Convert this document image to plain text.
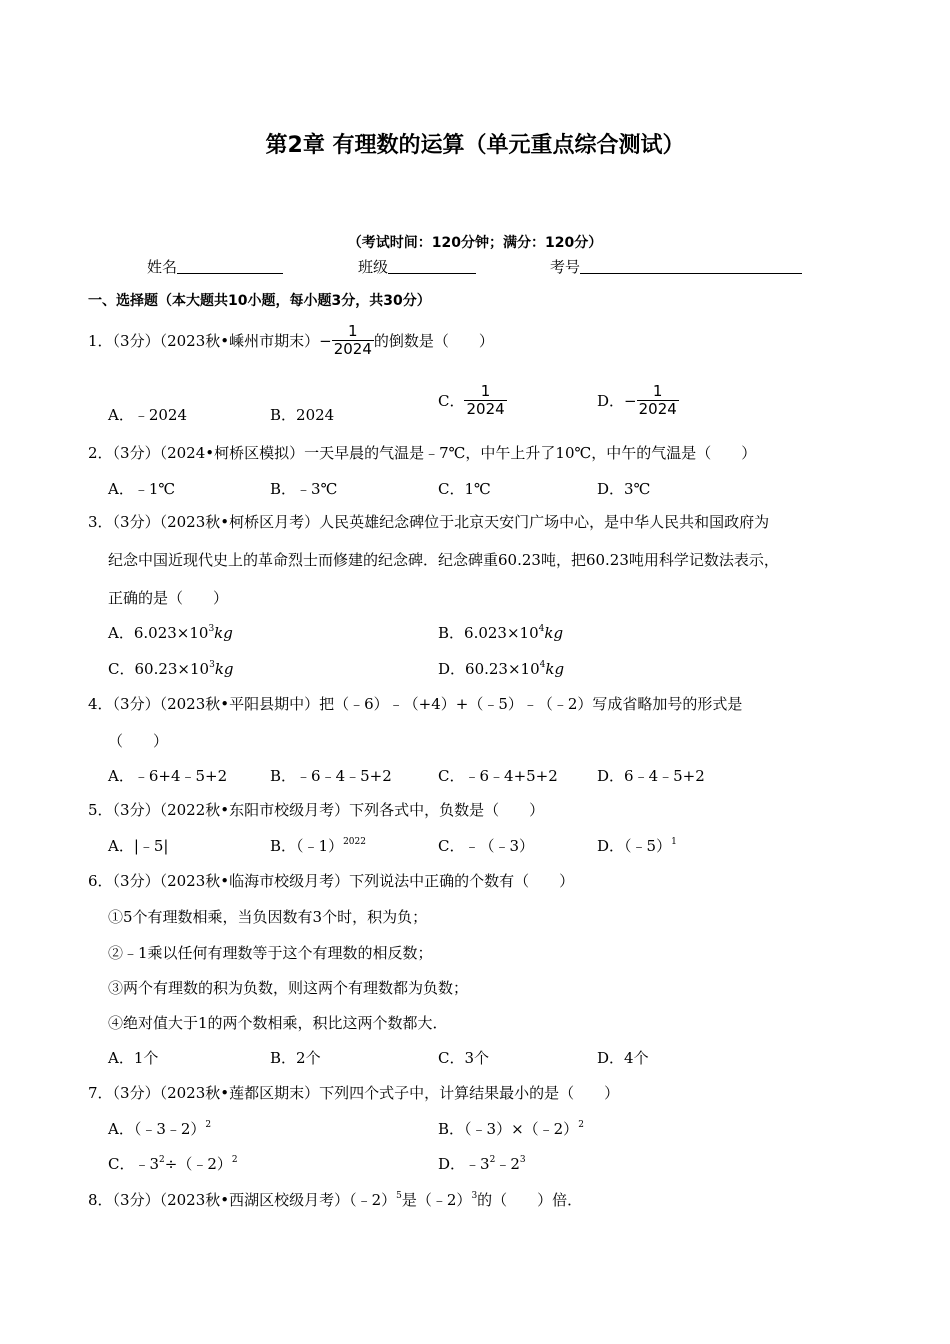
第2章 有理数的运算（单元重点综合测试）
（考试时间：120分钟；满分：120分）
姓名	班级	考号
一、选择题（本大题共10小题，每小题3分，共30分）
1．（3分）（2023秋•嵊州市期末）− $\frac{1}{2024}$ 的倒数是（　　）
A．﹣2024	B．2024
C． $\frac{1}{2024}$	D．− $\frac{1}{2024}$
2．（3分）（2024•柯桥区模拟）一天早晨的气温是﹣7℃，中午上升了10℃，中午的气温是（　　）
A．﹣1℃	B．﹣3℃	C．1℃	D．3℃
3．（3分）（2023秋•柯桥区月考）人民英雄纪念碑位于北京天安门广场中心，是中华人民共和国政府为
纪念中国近现代史上的革命烈士而修建的纪念碑．纪念碑重60.23吨，把60.23吨用科学记数法表示，
正确的是（　　）
A．$6.023\times 10^3kg$	B．$6.023\times 10^4kg$
C．$60.23\times 10^3kg$	D．$60.23\times 10^4kg$
4．（3分）（2023秋•平阳县期中）把（﹣6）﹣（+4）+（﹣5）﹣（﹣2）写成省略加号的形式是
（　　）
A．﹣6+4﹣5+2	B．﹣6﹣4﹣5+2	C．﹣6﹣4+5+2	D．6﹣4﹣5+2
5．（3分）（2022秋•东阳市校级月考）下列各式中，负数是（　　）
A．|﹣5|	B．（﹣1）$^{2022}$	C．﹣（﹣3）	D．（﹣5）$^1$
6．（3分）（2023秋•临海市校级月考）下列说法中正确的个数有（　　）
①5个有理数相乘，当负因数有3个时，积为负；
②﹣1乘以任何有理数等于这个有理数的相反数；
③两个有理数的积为负数，则这两个有理数都为负数；
④绝对值大于1的两个数相乘，积比这两个数都大．
A．1个	B．2个	C．3个	D．4个
7．（3分）（2023秋•莲都区期末）下列四个式子中，计算结果最小的是（　　）
A．（﹣3﹣2）$^2$	B．（﹣3）×（﹣2）$^2$
C．$﹣3^2\div(﹣2)^2$	D．$﹣3^2﹣2^3$
8．（3分）（2023秋•西湖区校级月考）（﹣2）$^5$是（﹣2）$^3$的（　　）倍．
